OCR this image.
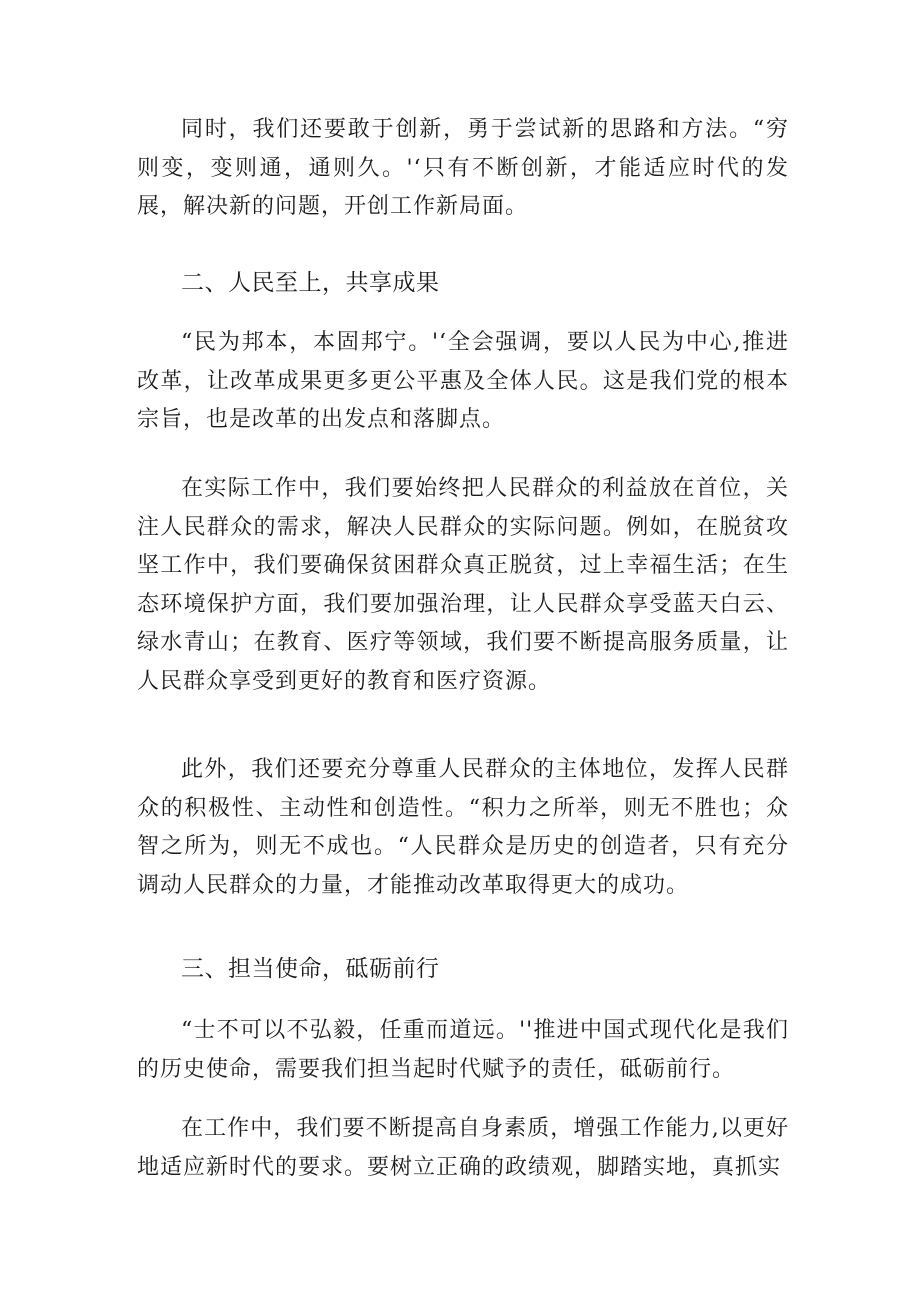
同时，我们还要敢于创新，勇于尝试新的思路和方法。“穷则变，变则通，通则久。'‘只有不断创新，才能适应时代的发展，解决新的问题，开创工作新局面。

二、人民至上，共享成果

“民为邦本，本固邦宁。'‘全会强调，要以人民为中心,推进改革，让改革成果更多更公平惠及全体人民。这是我们党的根本宗旨，也是改革的出发点和落脚点。

在实际工作中，我们要始终把人民群众的利益放在首位，关注人民群众的需求，解决人民群众的实际问题。例如，在脱贫攻坚工作中，我们要确保贫困群众真正脱贫，过上幸福生活；在生态环境保护方面，我们要加强治理，让人民群众享受蓝天白云、绿水青山；在教育、医疗等领域，我们要不断提高服务质量，让人民群众享受到更好的教育和医疗资源。

此外，我们还要充分尊重人民群众的主体地位，发挥人民群众的积极性、主动性和创造性。“积力之所举，则无不胜也；众智之所为，则无不成也。“人民群众是历史的创造者，只有充分调动人民群众的力量，才能推动改革取得更大的成功。

三、担当使命，砥砺前行

“士不可以不弘毅，任重而道远。''推进中国式现代化是我们的历史使命，需要我们担当起时代赋予的责任，砥砺前行。

在工作中，我们要不断提高自身素质，增强工作能力,以更好地适应新时代的要求。要树立正确的政绩观，脚踏实地，真抓实
